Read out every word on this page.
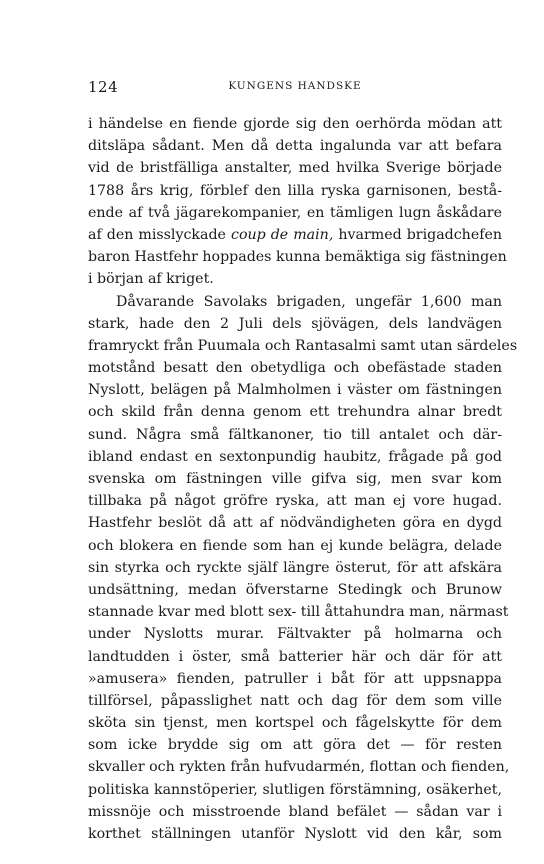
124	KUNGENS HANDSKE
i händelse en fiende gjorde sig den oerhörda mödan att
ditsläpa sådant. Men då detta ingalunda var att befara
vid de bristfälliga anstalter, med hvilka Sverige började
1788 års krig, förblef den lilla ryska garnisonen, bestå-
ende af två jägarekompanier, en tämligen lugn åskådare
af den misslyckade coup de main, hvarmed brigadchefen
baron Hastfehr hoppades kunna bemäktiga sig fästningen
i början af kriget.
Dåvarande Savolaks brigaden, ungefär 1,600 man
stark, hade den 2 Juli dels sjövägen, dels landvägen
framryckt från Puumala och Rantasalmi samt utan särdeles
motstånd besatt den obetydliga och obefästade staden
Nyslott, belägen på Malmholmen i väster om fästningen
och skild från denna genom ett trehundra alnar bredt
sund. Några små fältkanoner, tio till antalet och där-
ibland endast en sextonpundig haubitz, frågade på god
svenska om fästningen ville gifva sig, men svar kom
tillbaka på något gröfre ryska, att man ej vore hugad.
Hastfehr beslöt då att af nödvändigheten göra en dygd
och blokera en fiende som han ej kunde belägra, delade
sin styrka och ryckte själf längre österut, för att afskära
undsättning, medan öfverstarne Stedingk och Brunow
stannade kvar med blott sex- till åttahundra man, närmast
under Nyslotts murar. Fältvakter på holmarna och
landtudden i öster, små batterier här och där för att
»amusera» fienden, patruller i båt för att uppsnappa
tillförsel, påpasslighet natt och dag för dem som ville
sköta sin tjenst, men kortspel och fågelskytte för dem
som icke brydde sig om att göra det — för resten
skvaller och rykten från hufvudarmén, flottan och fienden,
politiska kannstöperier, slutligen förstämning, osäkerhet,
missnöje och misstroende bland befälet — sådan var i
korthet ställningen utanför Nyslott vid den kår, som
